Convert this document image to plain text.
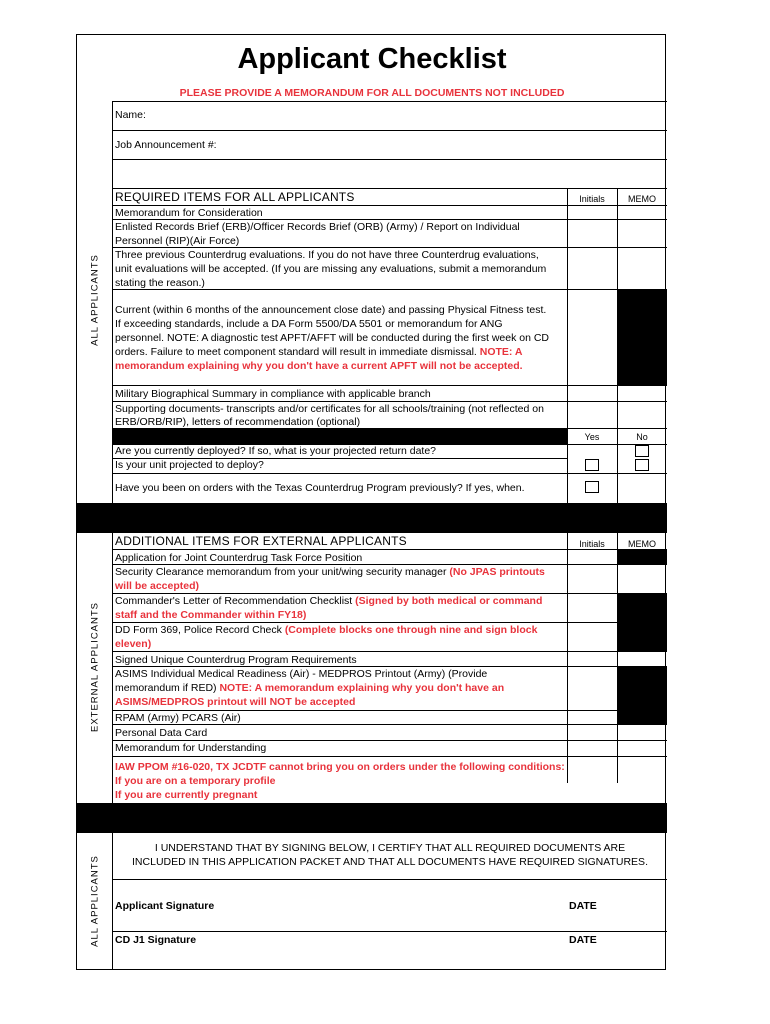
Applicant Checklist
PLEASE PROVIDE A MEMORANDUM FOR ALL DOCUMENTS NOT INCLUDED
ALL APPLICANTS
EXTERNAL APPLICANTS
ALL APPLICANTS
Name:
Job Announcement #:
REQUIRED ITEMS FOR ALL APPLICANTS	Initials	MEMO
Memorandum for Consideration
Enlisted Records Brief (ERB)/Officer Records Brief (ORB) (Army) / Report on Individual
Personnel (RIP)(Air Force)
Three previous Counterdrug evaluations. If you do not have three Counterdrug evaluations,
unit evaluations will be accepted. (If you are missing any evaluations, submit a memorandum
stating the reason.)
Current (within 6 months of the announcement close date) and passing Physical Fitness test.
If exceeding standards, include a DA Form 5500/DA 5501 or memorandum for ANG
personnel. NOTE: A diagnostic test APFT/AFFT will be conducted during the first week on CD
orders. Failure to meet component standard will result in immediate dismissal. NOTE: A
memorandum explaining why you don't have a current APFT will not be accepted.
Military Biographical Summary in compliance with applicable branch
Supporting documents- transcripts and/or certificates for all schools/training (not reflected on
ERB/ORB/RIP), letters of recommendation (optional)
Yes	No
Are you currently deployed? If so, what is your projected return date?
Is your unit projected to deploy?
Have you been on orders with the Texas Counterdrug Program previously? If yes, when.
ADDITIONAL ITEMS FOR EXTERNAL APPLICANTS	Initials	MEMO
Application for Joint Counterdrug Task Force Position
Security Clearance memorandum from your unit/wing security manager (No JPAS printouts
will be accepted)
Commander's Letter of Recommendation Checklist (Signed by both medical or command
staff and the Commander within FY18)
DD Form 369, Police Record Check (Complete blocks one through nine and sign block
eleven)
Signed Unique Counterdrug Program Requirements
ASIMS Individual Medical Readiness (Air) - MEDPROS Printout (Army) (Provide
memorandum if RED) NOTE: A memorandum explaining why you don't have an
ASIMS/MEDPROS printout will NOT be accepted
RPAM (Army) PCARS (Air)
Personal Data Card
Memorandum for Understanding
IAW PPOM #16-020, TX JCDTF cannot bring you on orders under the following conditions:
If you are on a temporary profile
If you are currently pregnant
I UNDERSTAND THAT BY SIGNING BELOW, I CERTIFY THAT ALL REQUIRED DOCUMENTS ARE
INCLUDED IN THIS APPLICATION PACKET AND THAT ALL DOCUMENTS HAVE REQUIRED SIGNATURES.
Applicant Signature	DATE
CD J1 Signature	DATE
